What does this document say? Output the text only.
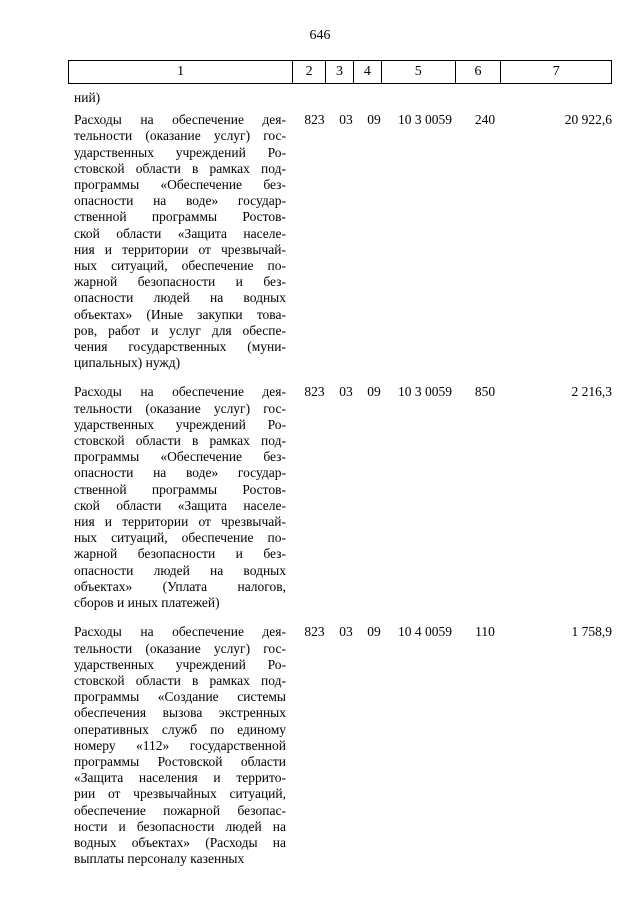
646
1	2	3	4	5	6	7
ний)
Расходы на обеспечение дея-
тельности (оказание услуг) гос-
ударственных учреждений Ро-
стовской области в рамках под-
программы «Обеспечение без-
опасности на воде» государ-
ственной программы Ростов-
ской области «Защита населе-
ния и территории от чрезвычай-
ных ситуаций, обеспечение по-
жарной безопасности и без-
опасности людей на водных
объектах» (Иные закупки това-
ров, работ и услуг для обеспе-
чения государственных (муни-
ципальных) нужд)
823	03	09	10 3 0059	240	20 922,6
Расходы на обеспечение дея-
тельности (оказание услуг) гос-
ударственных учреждений Ро-
стовской области в рамках под-
программы «Обеспечение без-
опасности на воде» государ-
ственной программы Ростов-
ской области «Защита населе-
ния и территории от чрезвычай-
ных ситуаций, обеспечение по-
жарной безопасности и без-
опасности людей на водных
объектах» (Уплата налогов,
сборов и иных платежей)
823	03	09	10 3 0059	850	2 216,3
Расходы на обеспечение дея-
тельности (оказание услуг) гос-
ударственных учреждений Ро-
стовской области в рамках под-
программы «Создание системы
обеспечения вызова экстренных
оперативных служб по единому
номеру «112» государственной
программы Ростовской области
«Защита населения и террито-
рии от чрезвычайных ситуаций,
обеспечение пожарной безопас-
ности и безопасности людей на
водных объектах» (Расходы на
выплаты персоналу казенных
823	03	09	10 4 0059	110	1 758,9
